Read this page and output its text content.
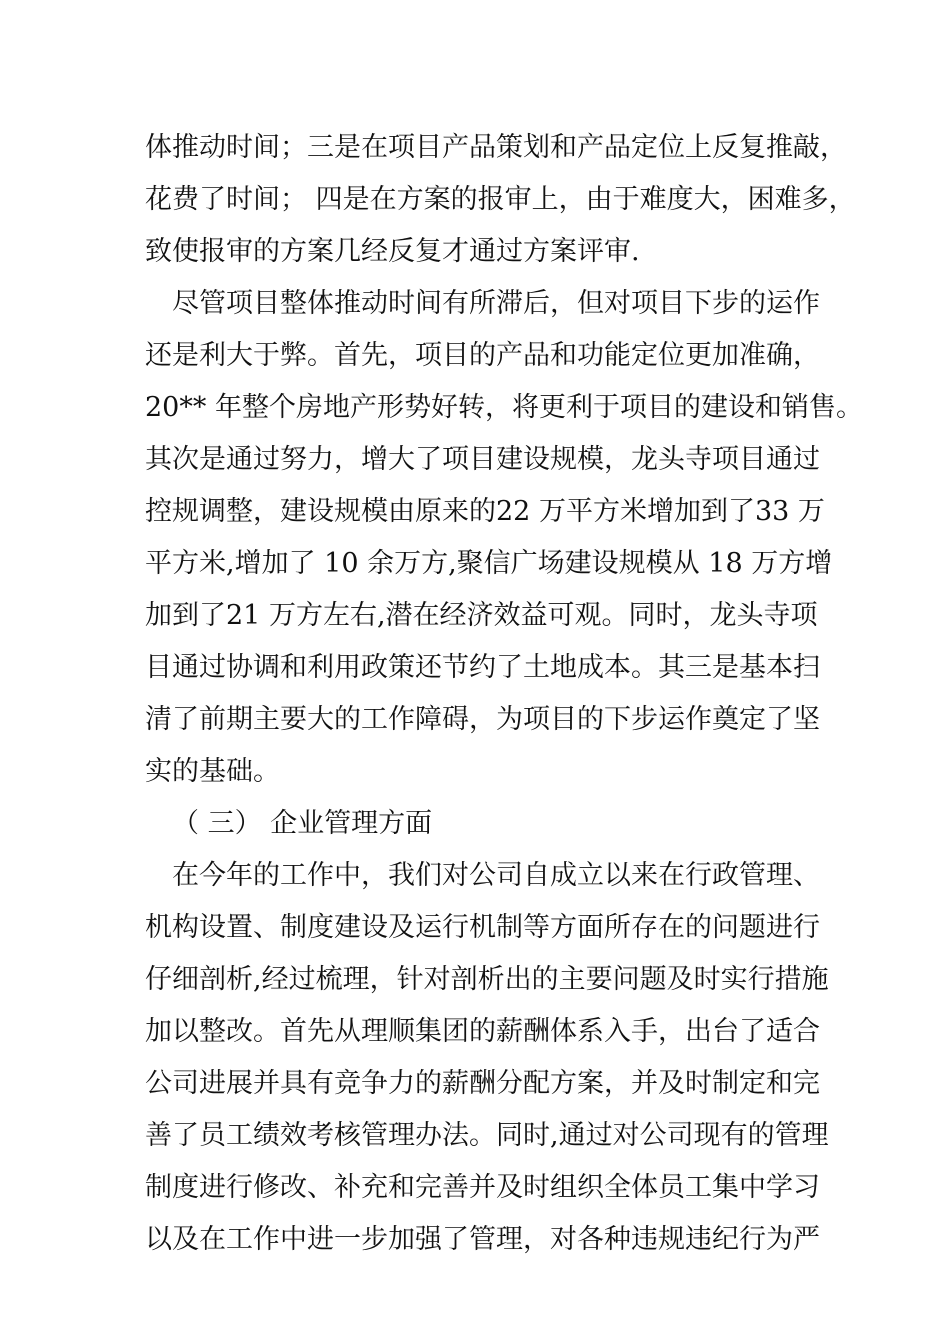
体推动时间；三是在项目产品策划和产品定位上反复推敲，
花费了时间； 四是在方案的报审上，由于难度大，困难多，
致使报审的方案几经反复才通过方案评审.
尽管项目整体推动时间有所滞后，但对项目下步的运作
还是利大于弊。首先，项目的产品和功能定位更加准确，
20** 年整个房地产形势好转，将更利于项目的建设和销售。
其次是通过努力，增大了项目建设规模，龙头寺项目通过
控规调整，建设规模由原来的22 万平方米增加到了33 万
平方米,增加了 10 余万方,聚信广场建设规模从 18 万方增
加到了21 万方左右,潜在经济效益可观。同时，龙头寺项
目通过协调和利用政策还节约了土地成本。其三是基本扫
清了前期主要大的工作障碍，为项目的下步运作奠定了坚
实的基础。
（ 三） 企业管理方面
在今年的工作中，我们对公司自成立以来在行政管理、
机构设置、制度建设及运行机制等方面所存在的问题进行
仔细剖析,经过梳理，针对剖析出的主要问题及时实行措施
加以整改。首先从理顺集团的薪酬体系入手，出台了适合
公司进展并具有竞争力的薪酬分配方案，并及时制定和完
善了员工绩效考核管理办法。同时,通过对公司现有的管理
制度进行修改、补充和完善并及时组织全体员工集中学习
以及在工作中进一步加强了管理，对各种违规违纪行为严
